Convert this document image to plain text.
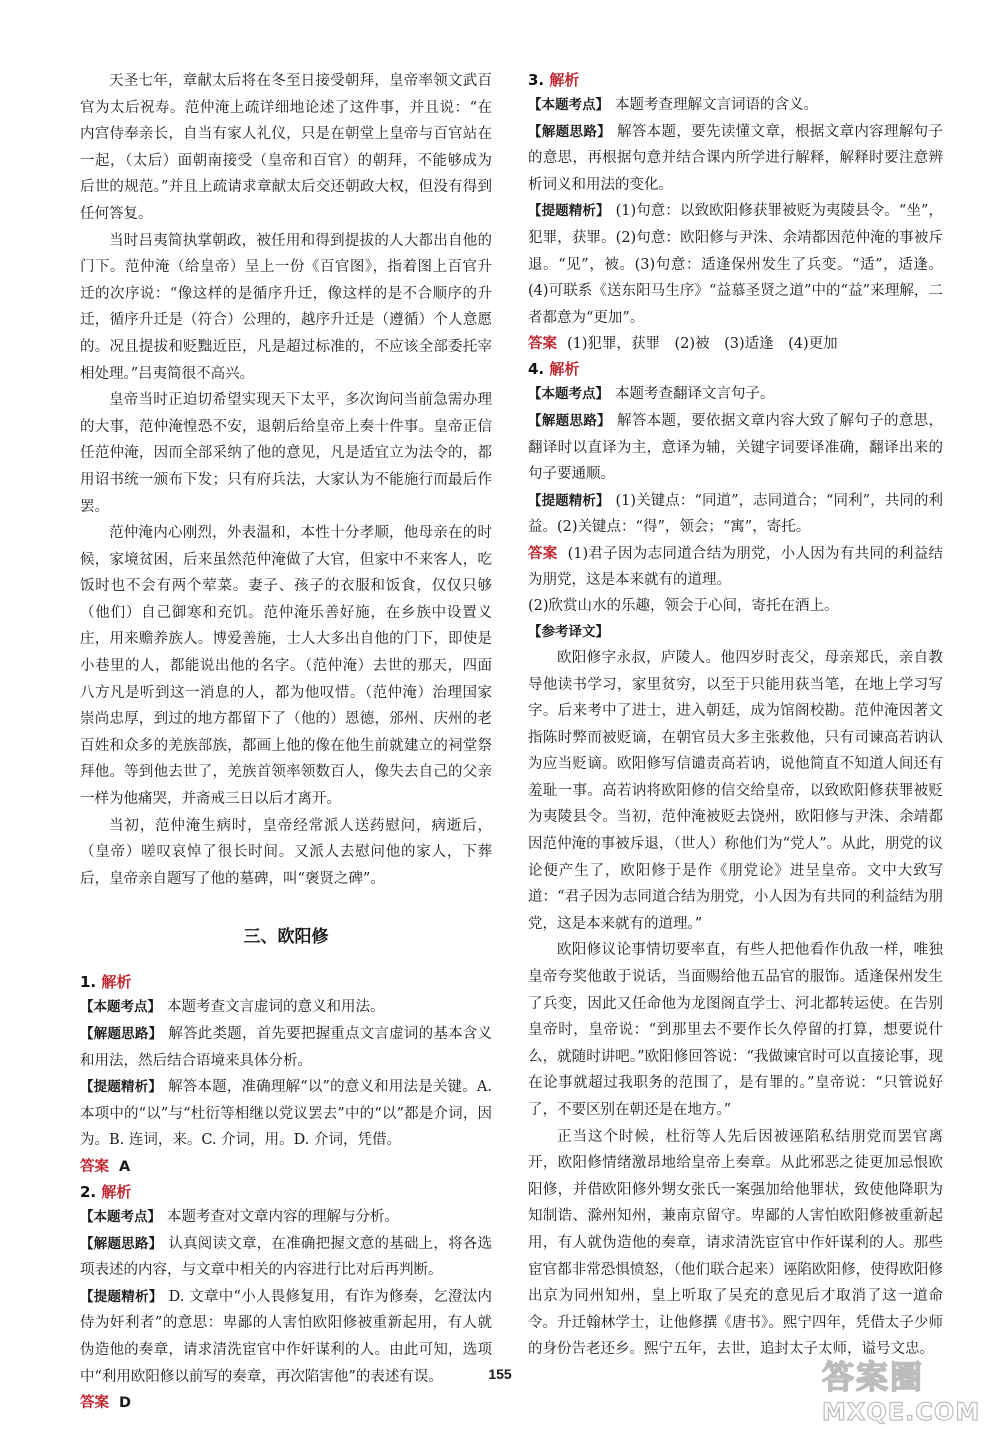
天圣七年，章献太后将在冬至日接受朝拜，皇帝率领文武百官为太后祝寿。范仲淹上疏详细地论述了这件事，并且说：“在内宫侍奉亲长，自当有家人礼仪，只是在朝堂上皇帝与百官站在一起，（太后）面朝南接受（皇帝和百官）的朝拜，不能够成为后世的规范。”并且上疏请求章献太后交还朝政大权，但没有得到任何答复。

当时吕夷简执掌朝政，被任用和得到提拔的人大都出自他的门下。范仲淹（给皇帝）呈上一份《百官图》，指着图上百官升迁的次序说：“像这样的是循序升迁，像这样的是不合顺序的升迁，循序升迁是（符合）公理的，越序升迁是（遵循）个人意愿的。况且提拔和贬黜近臣，凡是超过标准的，不应该全部委托宰相处理。”吕夷简很不高兴。

皇帝当时正迫切希望实现天下太平，多次询问当前急需办理的大事，范仲淹惶恐不安，退朝后给皇帝上奏十件事。皇帝正信任范仲淹，因而全部采纳了他的意见，凡是适宜立为法令的，都用诏书统一颁布下发；只有府兵法，大家认为不能施行而最后作罢。

范仲淹内心刚烈，外表温和，本性十分孝顺，他母亲在的时候，家境贫困，后来虽然范仲淹做了大官，但家中不来客人，吃饭时也不会有两个荤菜。妻子、孩子的衣服和饭食，仅仅只够（他们）自己御寒和充饥。范仲淹乐善好施，在乡族中设置义庄，用来赡养族人。博爱善施，士人大多出自他的门下，即使是小巷里的人，都能说出他的名字。（范仲淹）去世的那天，四面八方凡是听到这一消息的人，都为他叹惜。（范仲淹）治理国家崇尚忠厚，到过的地方都留下了（他的）恩德，邠州、庆州的老百姓和众多的羌族部族，都画上他的像在他生前就建立的祠堂祭拜他。等到他去世了，羌族首领率领数百人，像失去自己的父亲一样为他痛哭，并斋戒三日以后才离开。

当初，范仲淹生病时，皇帝经常派人送药慰问，病逝后，（皇帝）嗟叹哀悼了很长时间。又派人去慰问他的家人，下葬后，皇帝亲自题写了他的墓碑，叫“褒贤之碑”。

三、欧阳修
1. 解析

【本题考点】 本题考查文言虚词的意义和用法。

【解题思路】 解答此类题，首先要把握重点文言虚词的基本含义和用法，然后结合语境来具体分析。

【提题精析】 解答本题，准确理解“以”的意义和用法是关键。A. 本项中的“以”与“杜衍等相继以党议罢去”中的“以”都是介词，因为。B. 连词，来。C. 介词，用。D. 介词，凭借。

答案 A

2. 解析

【本题考点】 本题考查对文章内容的理解与分析。

【解题思路】 认真阅读文章，在准确把握文意的基础上，将各选项表述的内容，与文章中相关的内容进行比对后再判断。

【提题精析】 D. 文章中“小人畏修复用，有诈为修奏，乞澄汰内侍为奸利者”的意思：卑鄙的人害怕欧阳修被重新起用，有人就伪造他的奏章，请求清洗宦官中作奸谋利的人。由此可知，选项中“利用欧阳修以前写的奏章，再次陷害他”的表述有误。

答案 D

3. 解析

【本题考点】 本题考查理解文言词语的含义。

【解题思路】 解答本题，要先读懂文章，根据文章内容理解句子的意思，再根据句意并结合课内所学进行解释，解释时要注意辨析词义和用法的变化。

【提题精析】 (1)句意：以致欧阳修获罪被贬为夷陵县令。“坐”，犯罪，获罪。(2)句意：欧阳修与尹洙、余靖都因范仲淹的事被斥退。“见”，被。(3)句意：适逢保州发生了兵变。“适”，适逢。(4)可联系《送东阳马生序》“益慕圣贤之道”中的“益”来理解，二者都意为“更加”。

答案 (1)犯罪，获罪　(2)被　(3)适逢　(4)更加

4. 解析

【本题考点】 本题考查翻译文言句子。

【解题思路】 解答本题，要依据文章内容大致了解句子的意思，翻译时以直译为主，意译为辅，关键字词要译准确，翻译出来的句子要通顺。

【提题精析】 (1)关键点：“同道”，志同道合；“同利”，共同的利益。(2)关键点：“得”，领会；“寓”，寄托。

答案 (1)君子因为志同道合结为朋党，小人因为有共同的利益结为朋党，这是本来就有的道理。

(2)欣赏山水的乐趣，领会于心间，寄托在酒上。

【参考译文】

欧阳修字永叔，庐陵人。他四岁时丧父，母亲郑氏，亲自教导他读书学习，家里贫穷，以至于只能用荻当笔，在地上学习写字。后来考中了进士，进入朝廷，成为馆阁校勘。范仲淹因著文指陈时弊而被贬谪，在朝官员大多主张救他，只有司谏高若讷认为应当贬谪。欧阳修写信谴责高若讷，说他简直不知道人间还有羞耻一事。高若讷将欧阳修的信交给皇帝，以致欧阳修获罪被贬为夷陵县令。当初，范仲淹被贬去饶州，欧阳修与尹洙、余靖都因范仲淹的事被斥退，（世人）称他们为“党人”。从此，朋党的议论便产生了，欧阳修于是作《朋党论》进呈皇帝。文中大致写道：“君子因为志同道合结为朋党，小人因为有共同的利益结为朋党，这是本来就有的道理。”

欧阳修议论事情切要率直，有些人把他看作仇敌一样，唯独皇帝夸奖他敢于说话，当面赐给他五品官的服饰。适逢保州发生了兵变，因此又任命他为龙图阁直学士、河北都转运使。在告别皇帝时，皇帝说：“到那里去不要作长久停留的打算，想要说什么，就随时讲吧。”欧阳修回答说：“我做谏官时可以直接论事，现在论事就超过我职务的范围了，是有罪的。”皇帝说：“只管说好了，不要区别在朝还是在地方。”

正当这个时候，杜衍等人先后因被诬陷私结朋党而罢官离开，欧阳修情绪激昂地给皇帝上奏章。从此邪恶之徒更加忌恨欧阳修，并借欧阳修外甥女张氏一案强加给他罪状，致使他降职为知制诰、滁州知州，兼南京留守。卑鄙的人害怕欧阳修被重新起用，有人就伪造他的奏章，请求清洗宦官中作奸谋利的人。那些宦官都非常恐惧愤怒，（他们联合起来）诬陷欧阳修，使得欧阳修出京为同州知州，皇上听取了吴充的意见后才取消了这一道命令。升迁翰林学士，让他修撰《唐书》。熙宁四年，凭借太子少师的身份告老还乡。熙宁五年，去世，追封太子太师，谥号文忠。

155	答案圈
MXQE.COM
